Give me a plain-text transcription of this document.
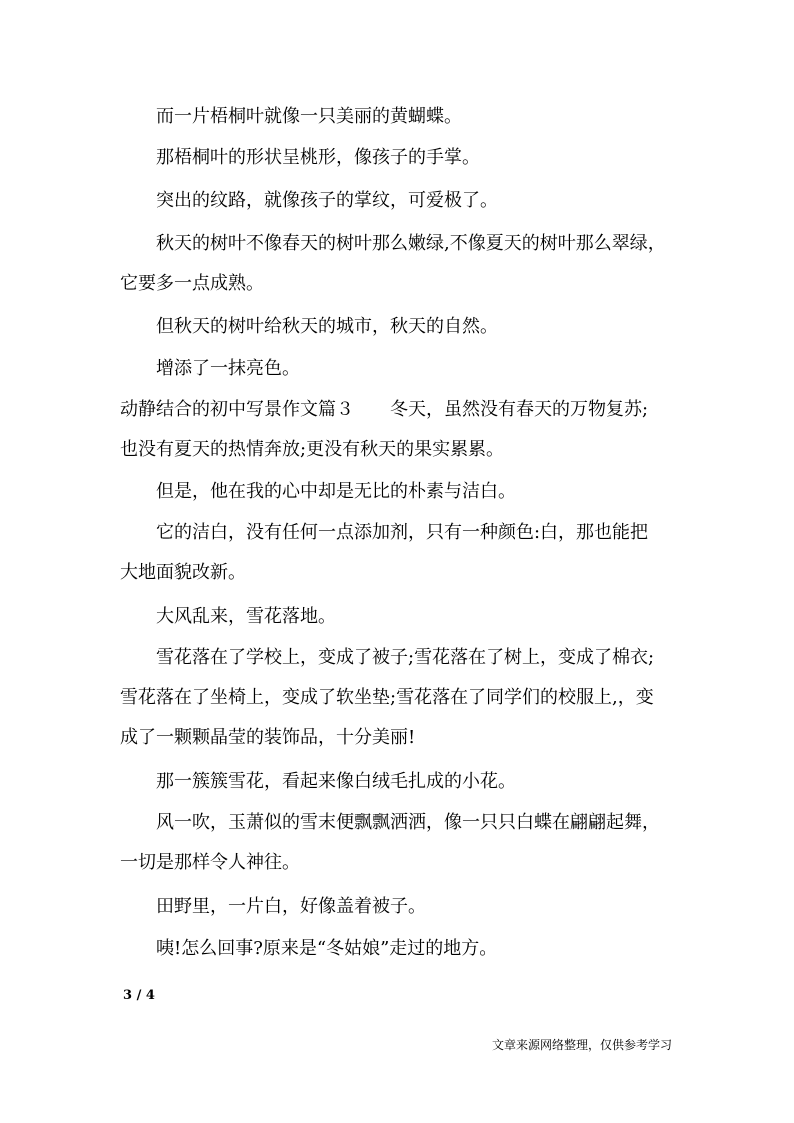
而一片梧桐叶就像一只美丽的黄蝴蝶。

那梧桐叶的形状呈桃形，像孩子的手掌。

突出的纹路，就像孩子的掌纹，可爱极了。

秋天的树叶不像春天的树叶那么嫩绿,不像夏天的树叶那么翠绿，
它要多一点成熟。

但秋天的树叶给秋天的城市，秋天的自然。

增添了一抹亮色。

动静结合的初中写景作文篇３　　冬天，虽然没有春天的万物复苏;
也没有夏天的热情奔放;更没有秋天的果实累累。

但是，他在我的心中却是无比的朴素与洁白。

它的洁白，没有任何一点添加剂，只有一种颜色:白，那也能把
大地面貌改新。

大风乱来，雪花落地。

雪花落在了学校上，变成了被子;雪花落在了树上，变成了棉衣;
雪花落在了坐椅上，变成了软坐垫;雪花落在了同学们的校服上,，变
成了一颗颗晶莹的装饰品，十分美丽!

那一簇簇雪花，看起来像白绒毛扎成的小花。

风一吹，玉萧似的雪末便飘飘洒洒，像一只只白蝶在翩翩起舞，
一切是那样令人神往。

田野里，一片白，好像盖着被子。

咦!怎么回事?原来是“冬姑娘”走过的地方。

3 / 4
文章来源网络整理，仅供参考学习
